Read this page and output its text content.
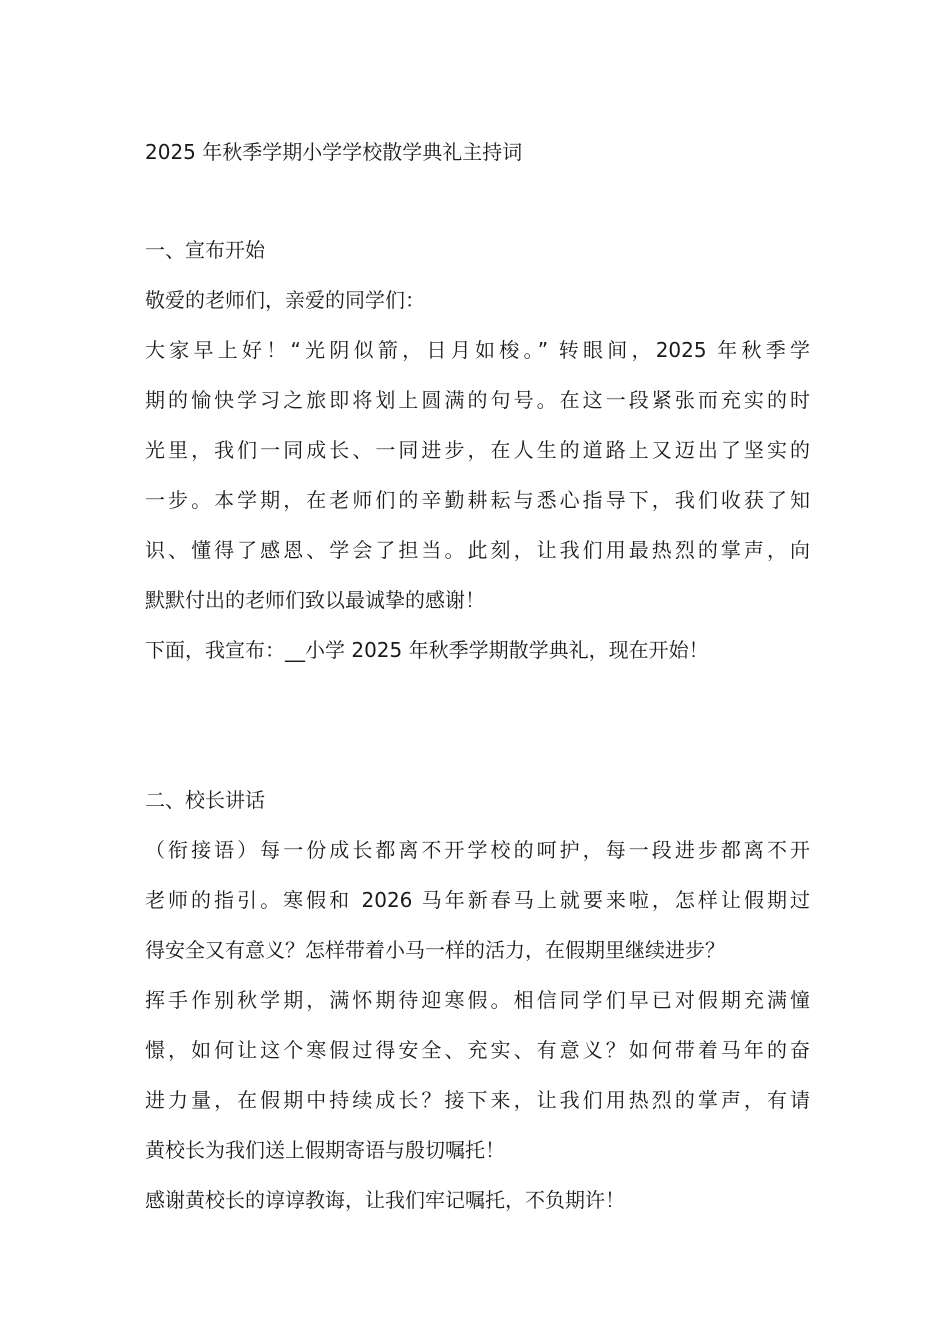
2025 年秋季学期小学学校散学典礼主持词
一、宣布开始
敬爱的老师们，亲爱的同学们：
大家早上好！“光阴似箭，日月如梭。” 转眼间，2025 年秋季学
期的愉快学习之旅即将划上圆满的句号。在这一段紧张而充实的时
光里，我们一同成长、一同进步，在人生的道路上又迈出了坚实的
一步。本学期，在老师们的辛勤耕耘与悉心指导下，我们收获了知
识、懂得了感恩、学会了担当。此刻，让我们用最热烈的掌声，向
默默付出的老师们致以最诚挚的感谢！
下面，我宣布：__小学 2025 年秋季学期散学典礼，现在开始！
二、校长讲话
（衔接语）每一份成长都离不开学校的呵护，每一段进步都离不开
老师的指引。寒假和 2026 马年新春马上就要来啦，怎样让假期过
得安全又有意义？怎样带着小马一样的活力，在假期里继续进步？
挥手作别秋学期，满怀期待迎寒假。相信同学们早已对假期充满憧
憬，如何让这个寒假过得安全、充实、有意义？如何带着马年的奋
进力量，在假期中持续成长？接下来，让我们用热烈的掌声，有请
黄校长为我们送上假期寄语与殷切嘱托！
感谢黄校长的谆谆教诲，让我们牢记嘱托，不负期许！
